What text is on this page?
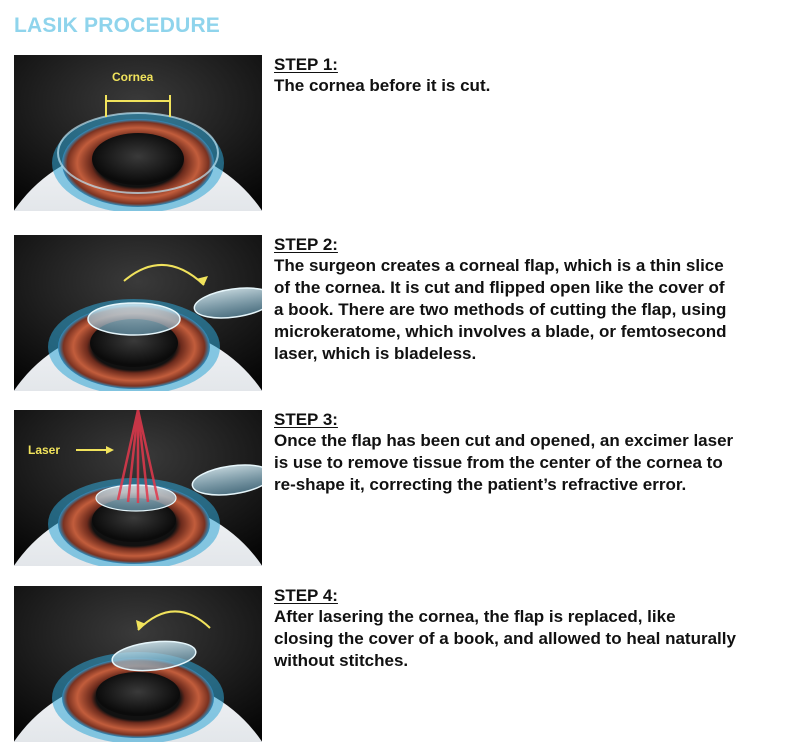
LASIK PROCEDURE
Cornea
STEP 1:
The cornea before it is cut.
STEP 2:
The surgeon creates a corneal flap, which is a thin slice
of the cornea. It is cut and flipped open like the cover of
a book. There are two methods of cutting the flap, using
microkeratome, which involves a blade, or femtosecond
laser, which is bladeless.
Laser
STEP 3:
Once the flap has been cut and opened, an excimer laser
is use to remove tissue from the center of the cornea to
re-shape it, correcting the patient’s refractive error.
STEP 4:
After lasering the cornea, the flap is replaced, like
closing the cover of a book, and allowed to heal naturally
without stitches.
